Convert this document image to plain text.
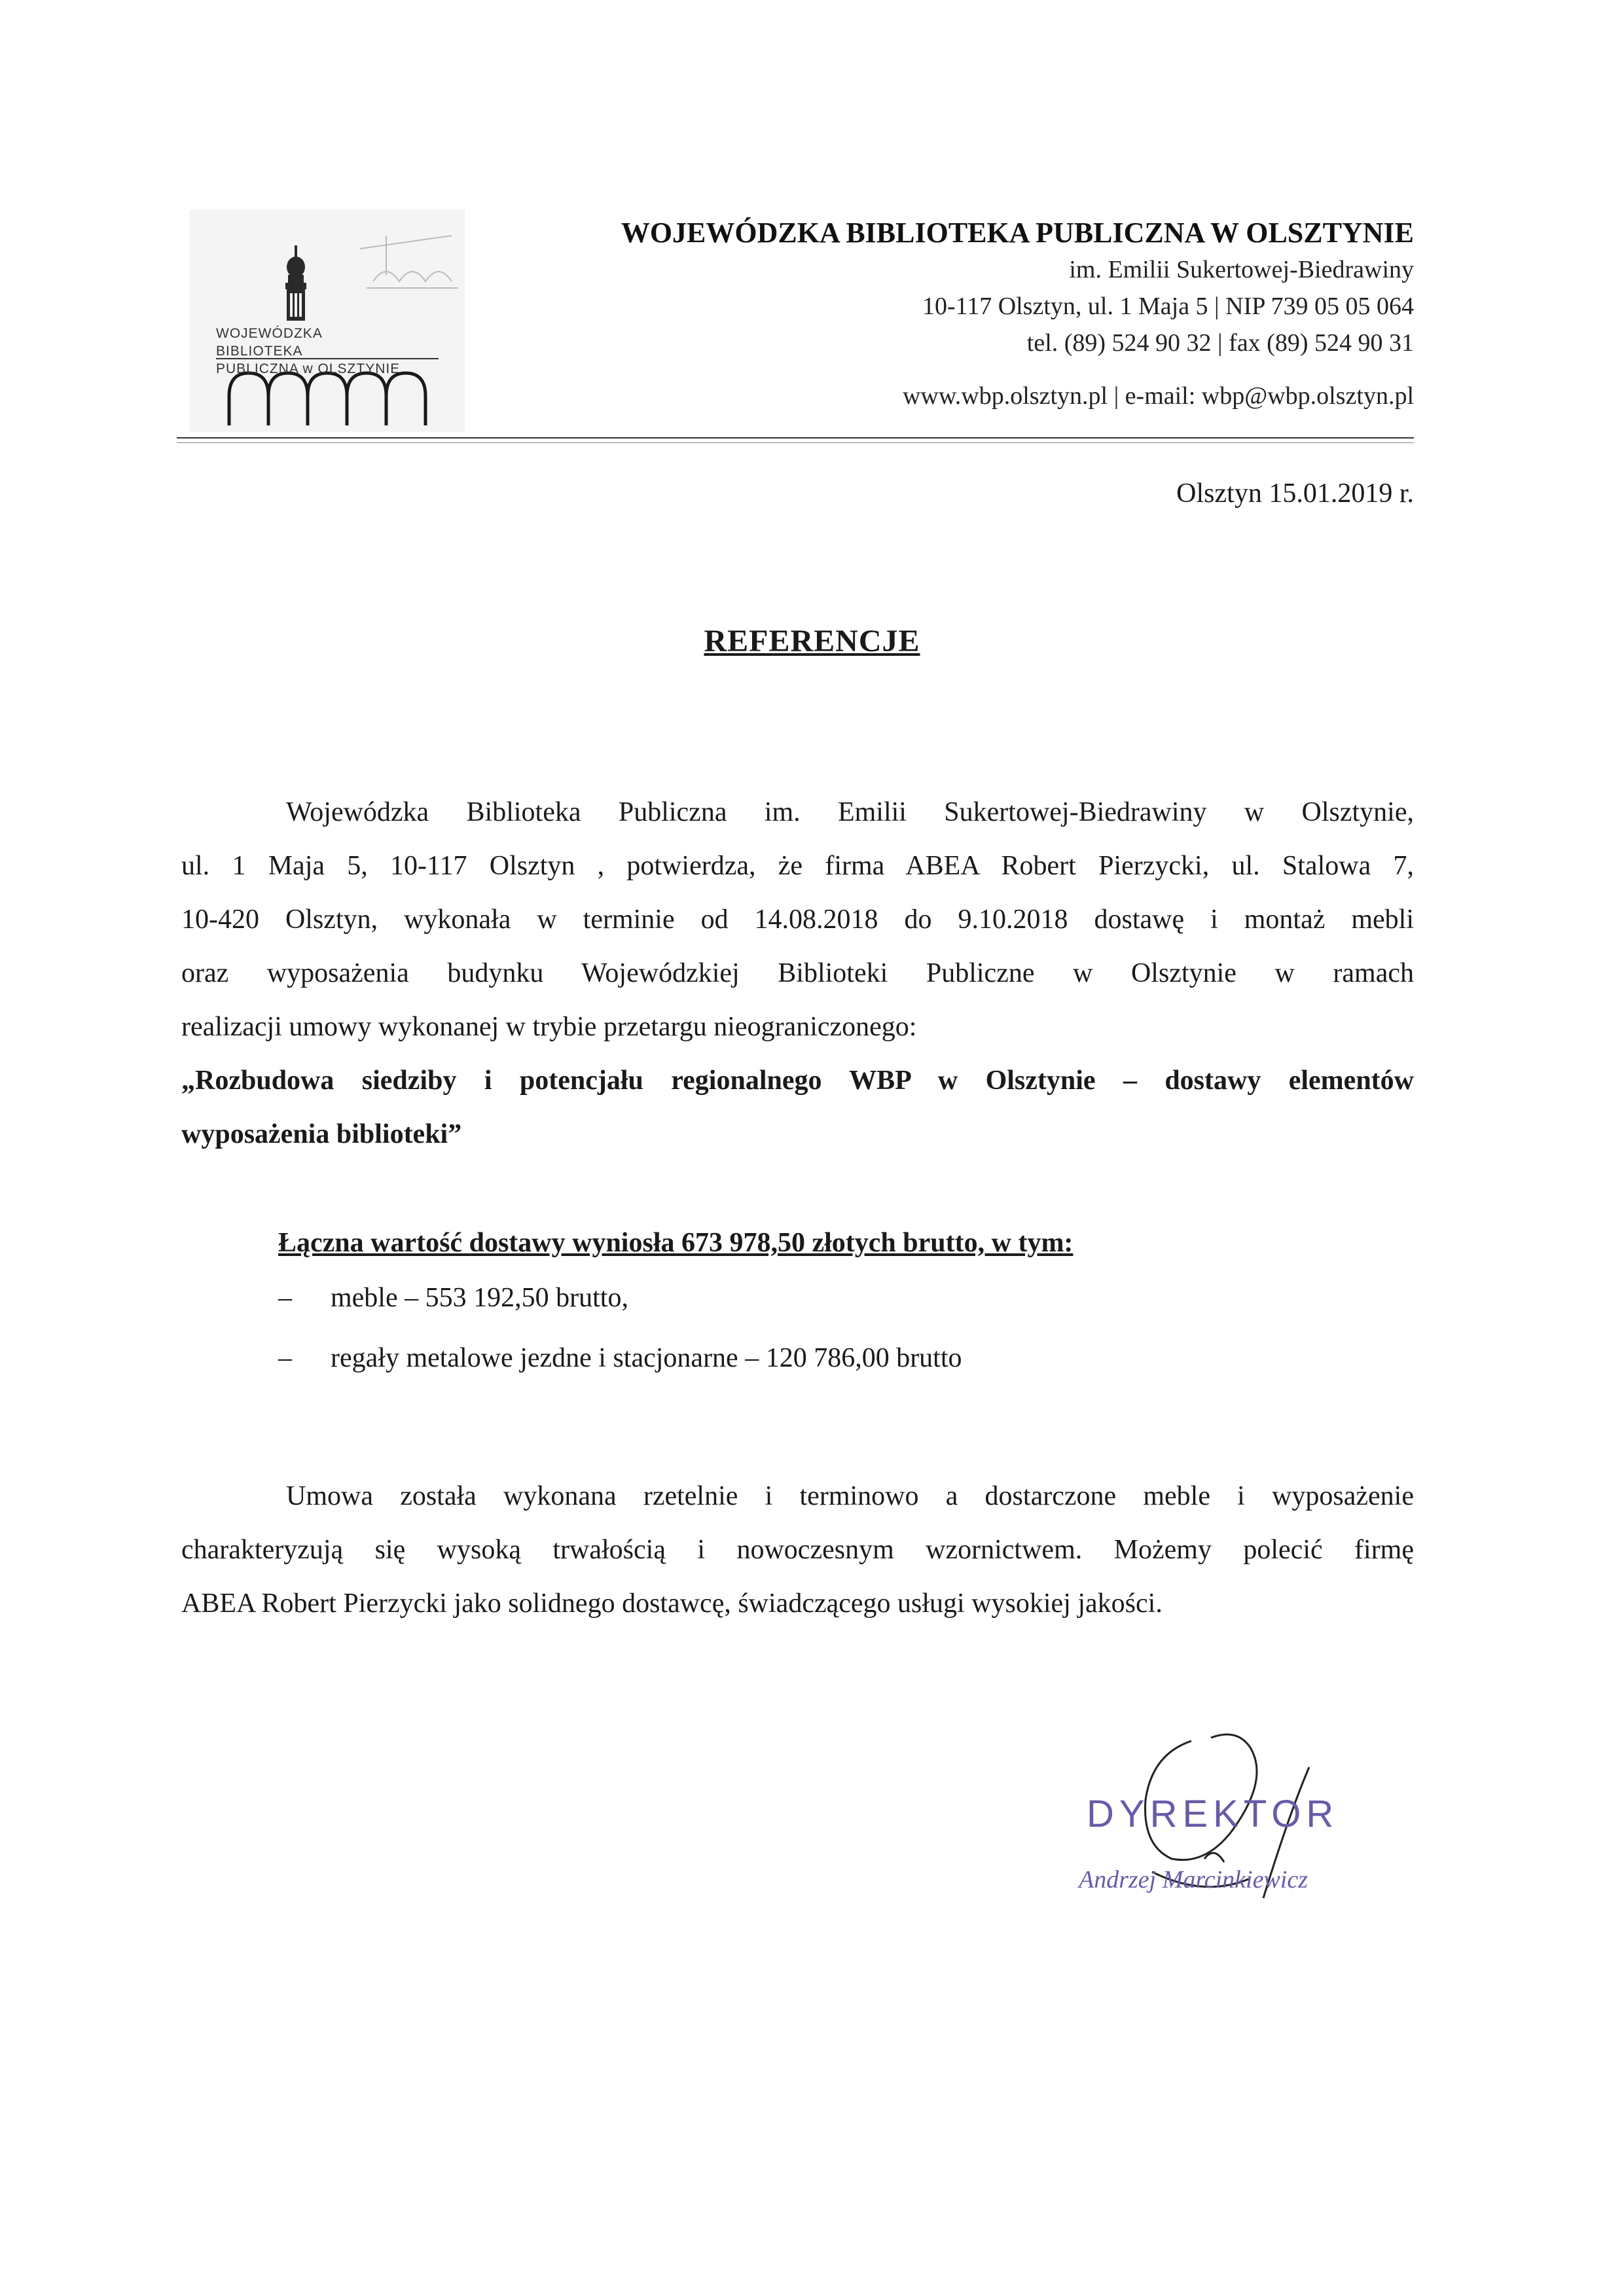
WOJEWÓDZKA BIBLIOTEKA
PUBLICZNA w OLSZTYNIE
WOJEWÓDZKA BIBLIOTEKA PUBLICZNA W OLSZTYNIE
im. Emilii Sukertowej-Biedrawiny
10-117 Olsztyn, ul. 1 Maja 5 | NIP 739 05 05 064
tel. (89) 524 90 32 | fax (89) 524 90 31
www.wbp.olsztyn.pl | e-mail: wbp@wbp.olsztyn.pl
Olsztyn 15.01.2019 r.
REFERENCJE
Wojewódzka Biblioteka Publiczna im. Emilii Sukertowej-Biedrawiny w Olsztynie,
ul. 1 Maja 5, 10-117 Olsztyn , potwierdza, że firma ABEA Robert Pierzycki, ul. Stalowa 7,
10-420 Olsztyn, wykonała w terminie od 14.08.2018 do 9.10.2018 dostawę i montaż mebli
oraz wyposażenia budynku Wojewódzkiej Biblioteki Publiczne w Olsztynie w ramach
realizacji umowy wykonanej w trybie przetargu nieograniczonego:
„Rozbudowa siedziby i potencjału regionalnego WBP w Olsztynie – dostawy elementów
wyposażenia biblioteki”
Łączna wartość dostawy wyniosła 673 978,50 złotych brutto, w tym:
– meble – 553 192,50 brutto,
– regały metalowe jezdne i stacjonarne – 120 786,00 brutto
Umowa została wykonana rzetelnie i terminowo a dostarczone meble i wyposażenie
charakteryzują się wysoką trwałością i nowoczesnym wzornictwem. Możemy polecić firmę
ABEA Robert Pierzycki jako solidnego dostawcę, świadczącego usługi wysokiej jakości.
DYREKTOR
Andrzej Marcinkiewicz
